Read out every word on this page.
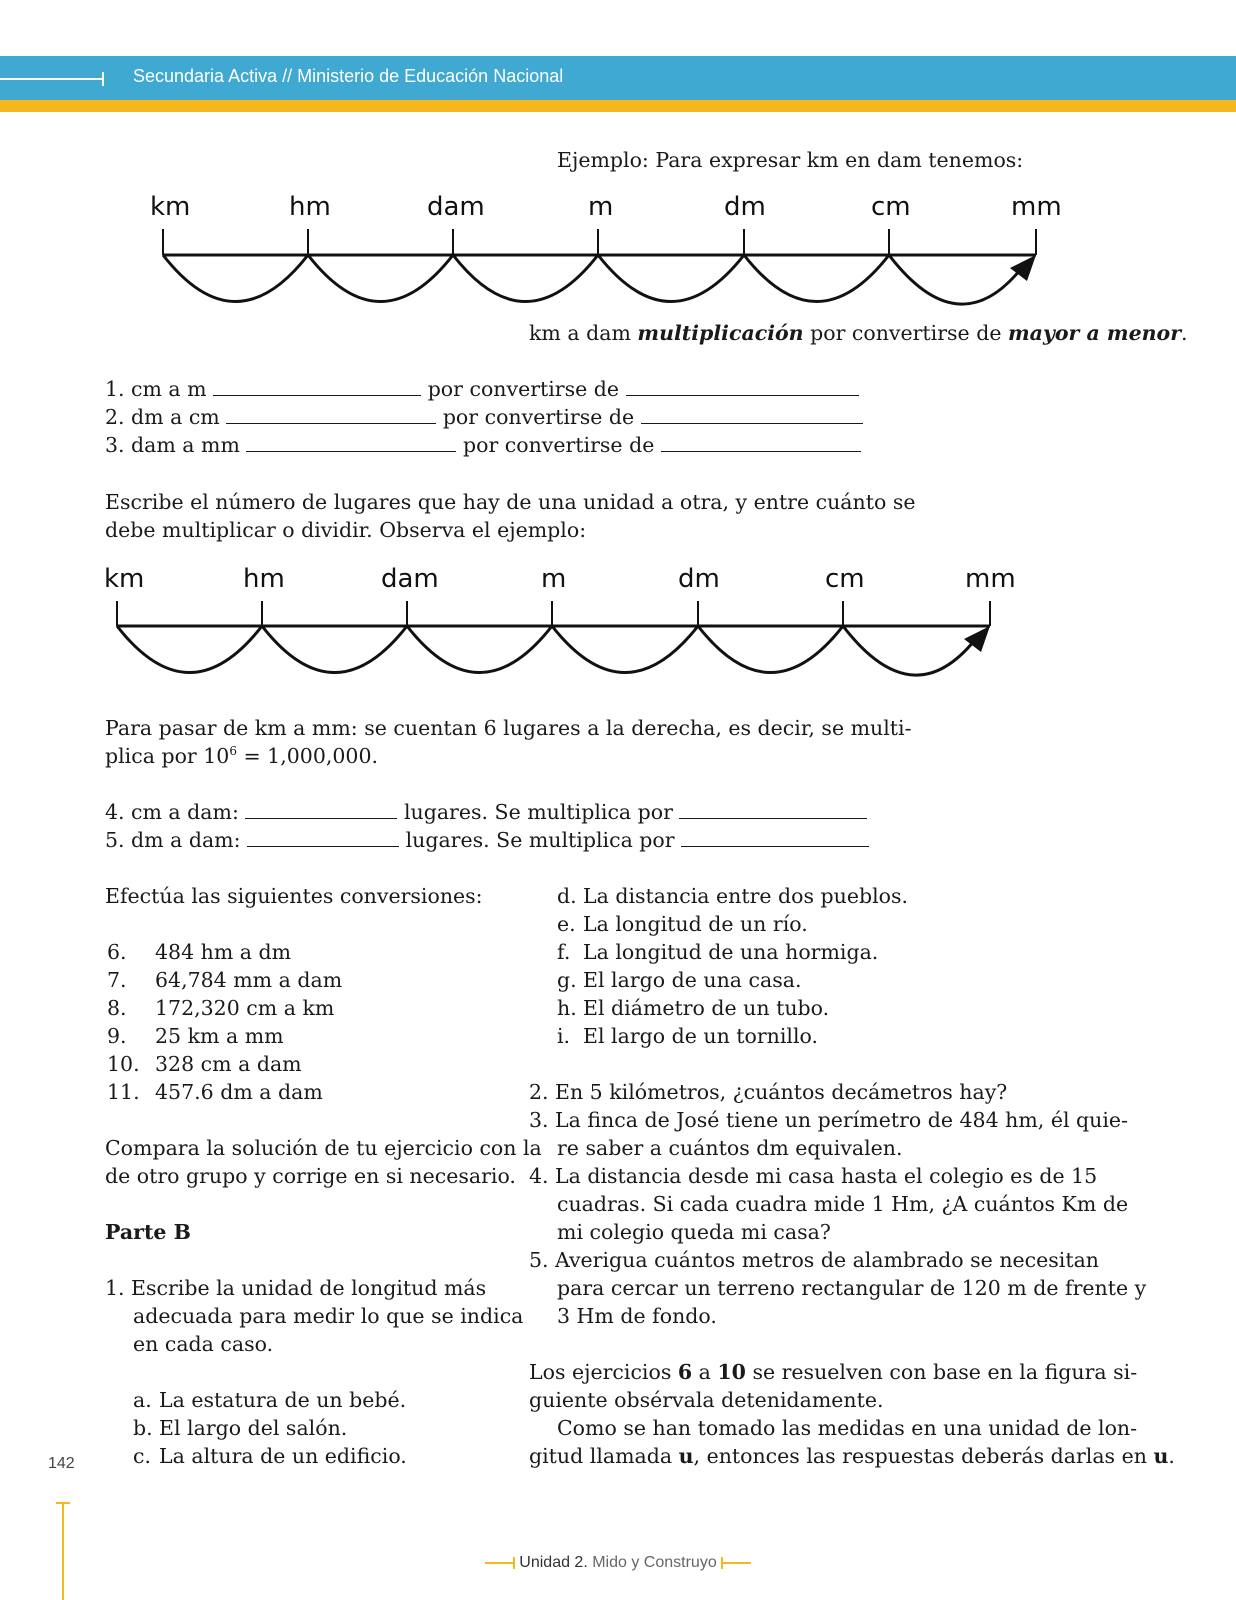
Secundaria Activa // Ministerio de Educación Nacional
Ejemplo: Para expresar km en dam tenemos:
km	hm	dam	m	dm	cm	mm
km a dam multiplicación por convertirse de mayor a menor.
1. cm a m	por convertirse de
2. dm a cm	por convertirse de
3. dam a mm	por convertirse de
Escribe el número de lugares que hay de una unidad a otra, y entre cuánto se
debe multiplicar o dividir. Observa el ejemplo:
km	hm	dam	m	dm	cm	mm
Para pasar de km a mm: se cuentan 6 lugares a la derecha, es decir, se multi-
plica por $10^6 = 1,000,000$.
4. cm a dam:	lugares. Se multiplica por
5. dm a dam:	lugares. Se multiplica por
Efectúa las siguientes conversiones:
6. 484 hm a dm
7. 64,784 mm a dam
8. 172,320 cm a km
9. 25 km a mm
10. 328 cm a dam
11. 457.6 dm a dam
Compara la solución de tu ejercicio con la
de otro grupo y corrige en si necesario.
Parte B
1. Escribe la unidad de longitud más
adecuada para medir lo que se indica
en cada caso.
a. La estatura de un bebé.
b. El largo del salón.
c. La altura de un edificio.
d. La distancia entre dos pueblos.
e. La longitud de un río.
f. La longitud de una hormiga.
g. El largo de una casa.
h. El diámetro de un tubo.
i. El largo de un tornillo.
2. En 5 kilómetros, ¿cuántos decámetros hay?
3. La finca de José tiene un perímetro de 484 hm, él quie-
re saber a cuántos dm equivalen.
4. La distancia desde mi casa hasta el colegio es de 15
cuadras. Si cada cuadra mide 1 Hm, ¿A cuántos Km de
mi colegio queda mi casa?
5. Averigua cuántos metros de alambrado se necesitan
para cercar un terreno rectangular de 120 m de frente y
3 Hm de fondo.
Los ejercicios 6 a 10 se resuelven con base en la figura si-
guiente obsérvala detenidamente.
Como se han tomado las medidas en una unidad de lon-
gitud llamada u, entonces las respuestas deberás darlas en u.
142
Unidad 2. Mido y Construyo
